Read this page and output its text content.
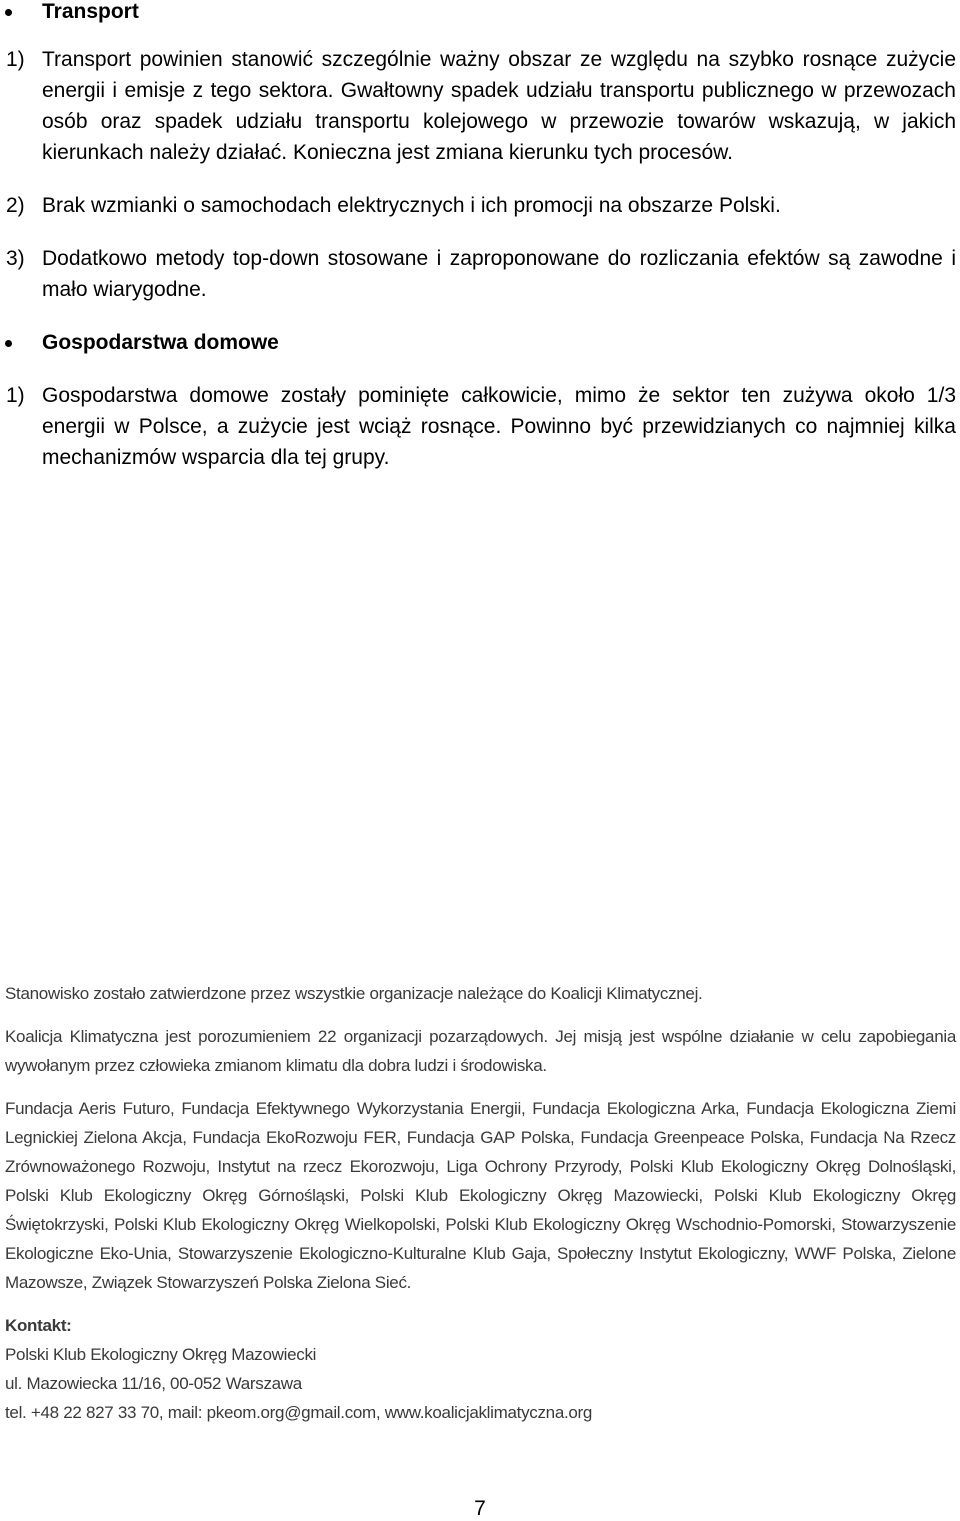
Transport
1) Transport powinien stanowić szczególnie ważny obszar ze względu na szybko rosnące zużycie energii i emisje z tego sektora. Gwałtowny spadek udziału transportu publicznego w przewozach osób oraz spadek udziału transportu kolejowego w przewozie towarów wskazują, w jakich kierunkach należy działać. Konieczna jest zmiana kierunku tych procesów.
2) Brak wzmianki o samochodach elektrycznych i ich promocji na obszarze Polski.
3) Dodatkowo metody top-down stosowane i zaproponowane do rozliczania efektów są zawodne i mało wiarygodne.
Gospodarstwa domowe
1) Gospodarstwa domowe zostały pominięte całkowicie, mimo że sektor ten zużywa około 1/3 energii w Polsce, a zużycie jest wciąż rosnące. Powinno być przewidzianych co najmniej kilka mechanizmów wsparcia dla tej grupy.

Stanowisko zostało zatwierdzone przez wszystkie organizacje należące do Koalicji Klimatycznej.

Koalicja Klimatyczna jest porozumieniem 22 organizacji pozarządowych. Jej misją jest wspólne działanie w celu zapobiegania wywołanym przez człowieka zmianom klimatu dla dobra ludzi i środowiska.

Fundacja Aeris Futuro, Fundacja Efektywnego Wykorzystania Energii, Fundacja Ekologiczna Arka, Fundacja Ekologiczna Ziemi Legnickiej Zielona Akcja, Fundacja EkoRozwoju FER, Fundacja GAP Polska, Fundacja Greenpeace Polska, Fundacja Na Rzecz Zrównoważonego Rozwoju, Instytut na rzecz Ekorozwoju, Liga Ochrony Przyrody, Polski Klub Ekologiczny Okręg Dolnośląski, Polski Klub Ekologiczny Okręg Górnośląski, Polski Klub Ekologiczny Okręg Mazowiecki, Polski Klub Ekologiczny Okręg Świętokrzyski, Polski Klub Ekologiczny Okręg Wielkopolski, Polski Klub Ekologiczny Okręg Wschodnio-Pomorski, Stowarzyszenie Ekologiczne Eko-Unia, Stowarzyszenie Ekologiczno-Kulturalne Klub Gaja, Społeczny Instytut Ekologiczny, WWF Polska, Zielone Mazowsze, Związek Stowarzyszeń Polska Zielona Sieć.

Kontakt:
Polski Klub Ekologiczny Okręg Mazowiecki
ul. Mazowiecka 11/16, 00-052 Warszawa
tel. +48 22 827 33 70, mail: pkeom.org@gmail.com, www.koalicjaklimatyczna.org
7
